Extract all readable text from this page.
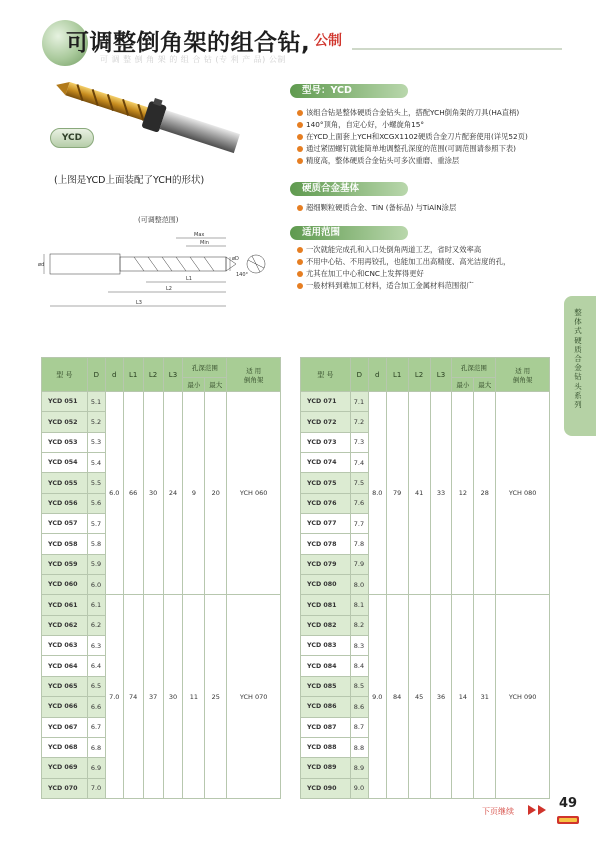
可调整倒角架的组合钻, 公制
可 调 整 倒 角 架 的 组 合 钻 (专 利 产 品) 公制
YCD
(上图是YCD上面装配了YCH的形状)
型号：YCD
该组合钻是整体硬质合金钻头上，搭配YCH倒角架的刀具(HA直柄)
140°顶角，自定心好，小螺旋角15°
在YCD上面套上YCH和XCGX1102硬质合金刀片配套使用(详见52页)
通过紧固螺钉就能简单地调整孔深度的范围(可调范围请参照下表)
精度高，整体硬质合金钻头可多次重磨、重涂层
硬质合金基体
超细颗粒硬质合金、TiN (备标品) 与TiAlN涂层
适用范围
一次就能完成孔和入口处倒角两道工艺，省时又效率高
不用中心钻、不用再铰孔，也能加工出高精度、高光洁度的孔，
尤其在加工中心和CNC上发挥得更好
一般材料到难加工材料，适合加工金属材料范围很广
(可调整范围)
Max
Min
L1
L2
L3
ød
øD
140°
整体式硬质合金钻头系列
型 号	D	d	L1	L2	L3	孔深范围		适 用
倒角架
						最小	最大	
YCD 051	5.1	6.0	66	30	24	9	20	YCH 060
YCD 052	5.2							
YCD 053	5.3							
YCD 054	5.4							
YCD 055	5.5							
YCD 056	5.6							
YCD 057	5.7							
YCD 058	5.8							
YCD 059	5.9							
YCD 060	6.0							
YCD 061	6.1	7.0	74	37	30	11	25	YCH 070
YCD 062	6.2							
YCD 063	6.3							
YCD 064	6.4							
YCD 065	6.5							
YCD 066	6.6							
YCD 067	6.7							
YCD 068	6.8							
YCD 069	6.9							
YCD 070	7.0							
型 号	D	d	L1	L2	L3	孔深范围		适 用
倒角架
						最小	最大	
YCD 071	7.1	8.0	79	41	33	12	28	YCH 080
YCD 072	7.2							
YCD 073	7.3							
YCD 074	7.4							
YCD 075	7.5							
YCD 076	7.6							
YCD 077	7.7							
YCD 078	7.8							
YCD 079	7.9							
YCD 080	8.0							
YCD 081	8.1	9.0	84	45	36	14	31	YCH 090
YCD 082	8.2							
YCD 083	8.3							
YCD 084	8.4							
YCD 085	8.5							
YCD 086	8.6							
YCD 087	8.7							
YCD 088	8.8							
YCD 089	8.9							
YCD 090	9.0							
下页继续
49
